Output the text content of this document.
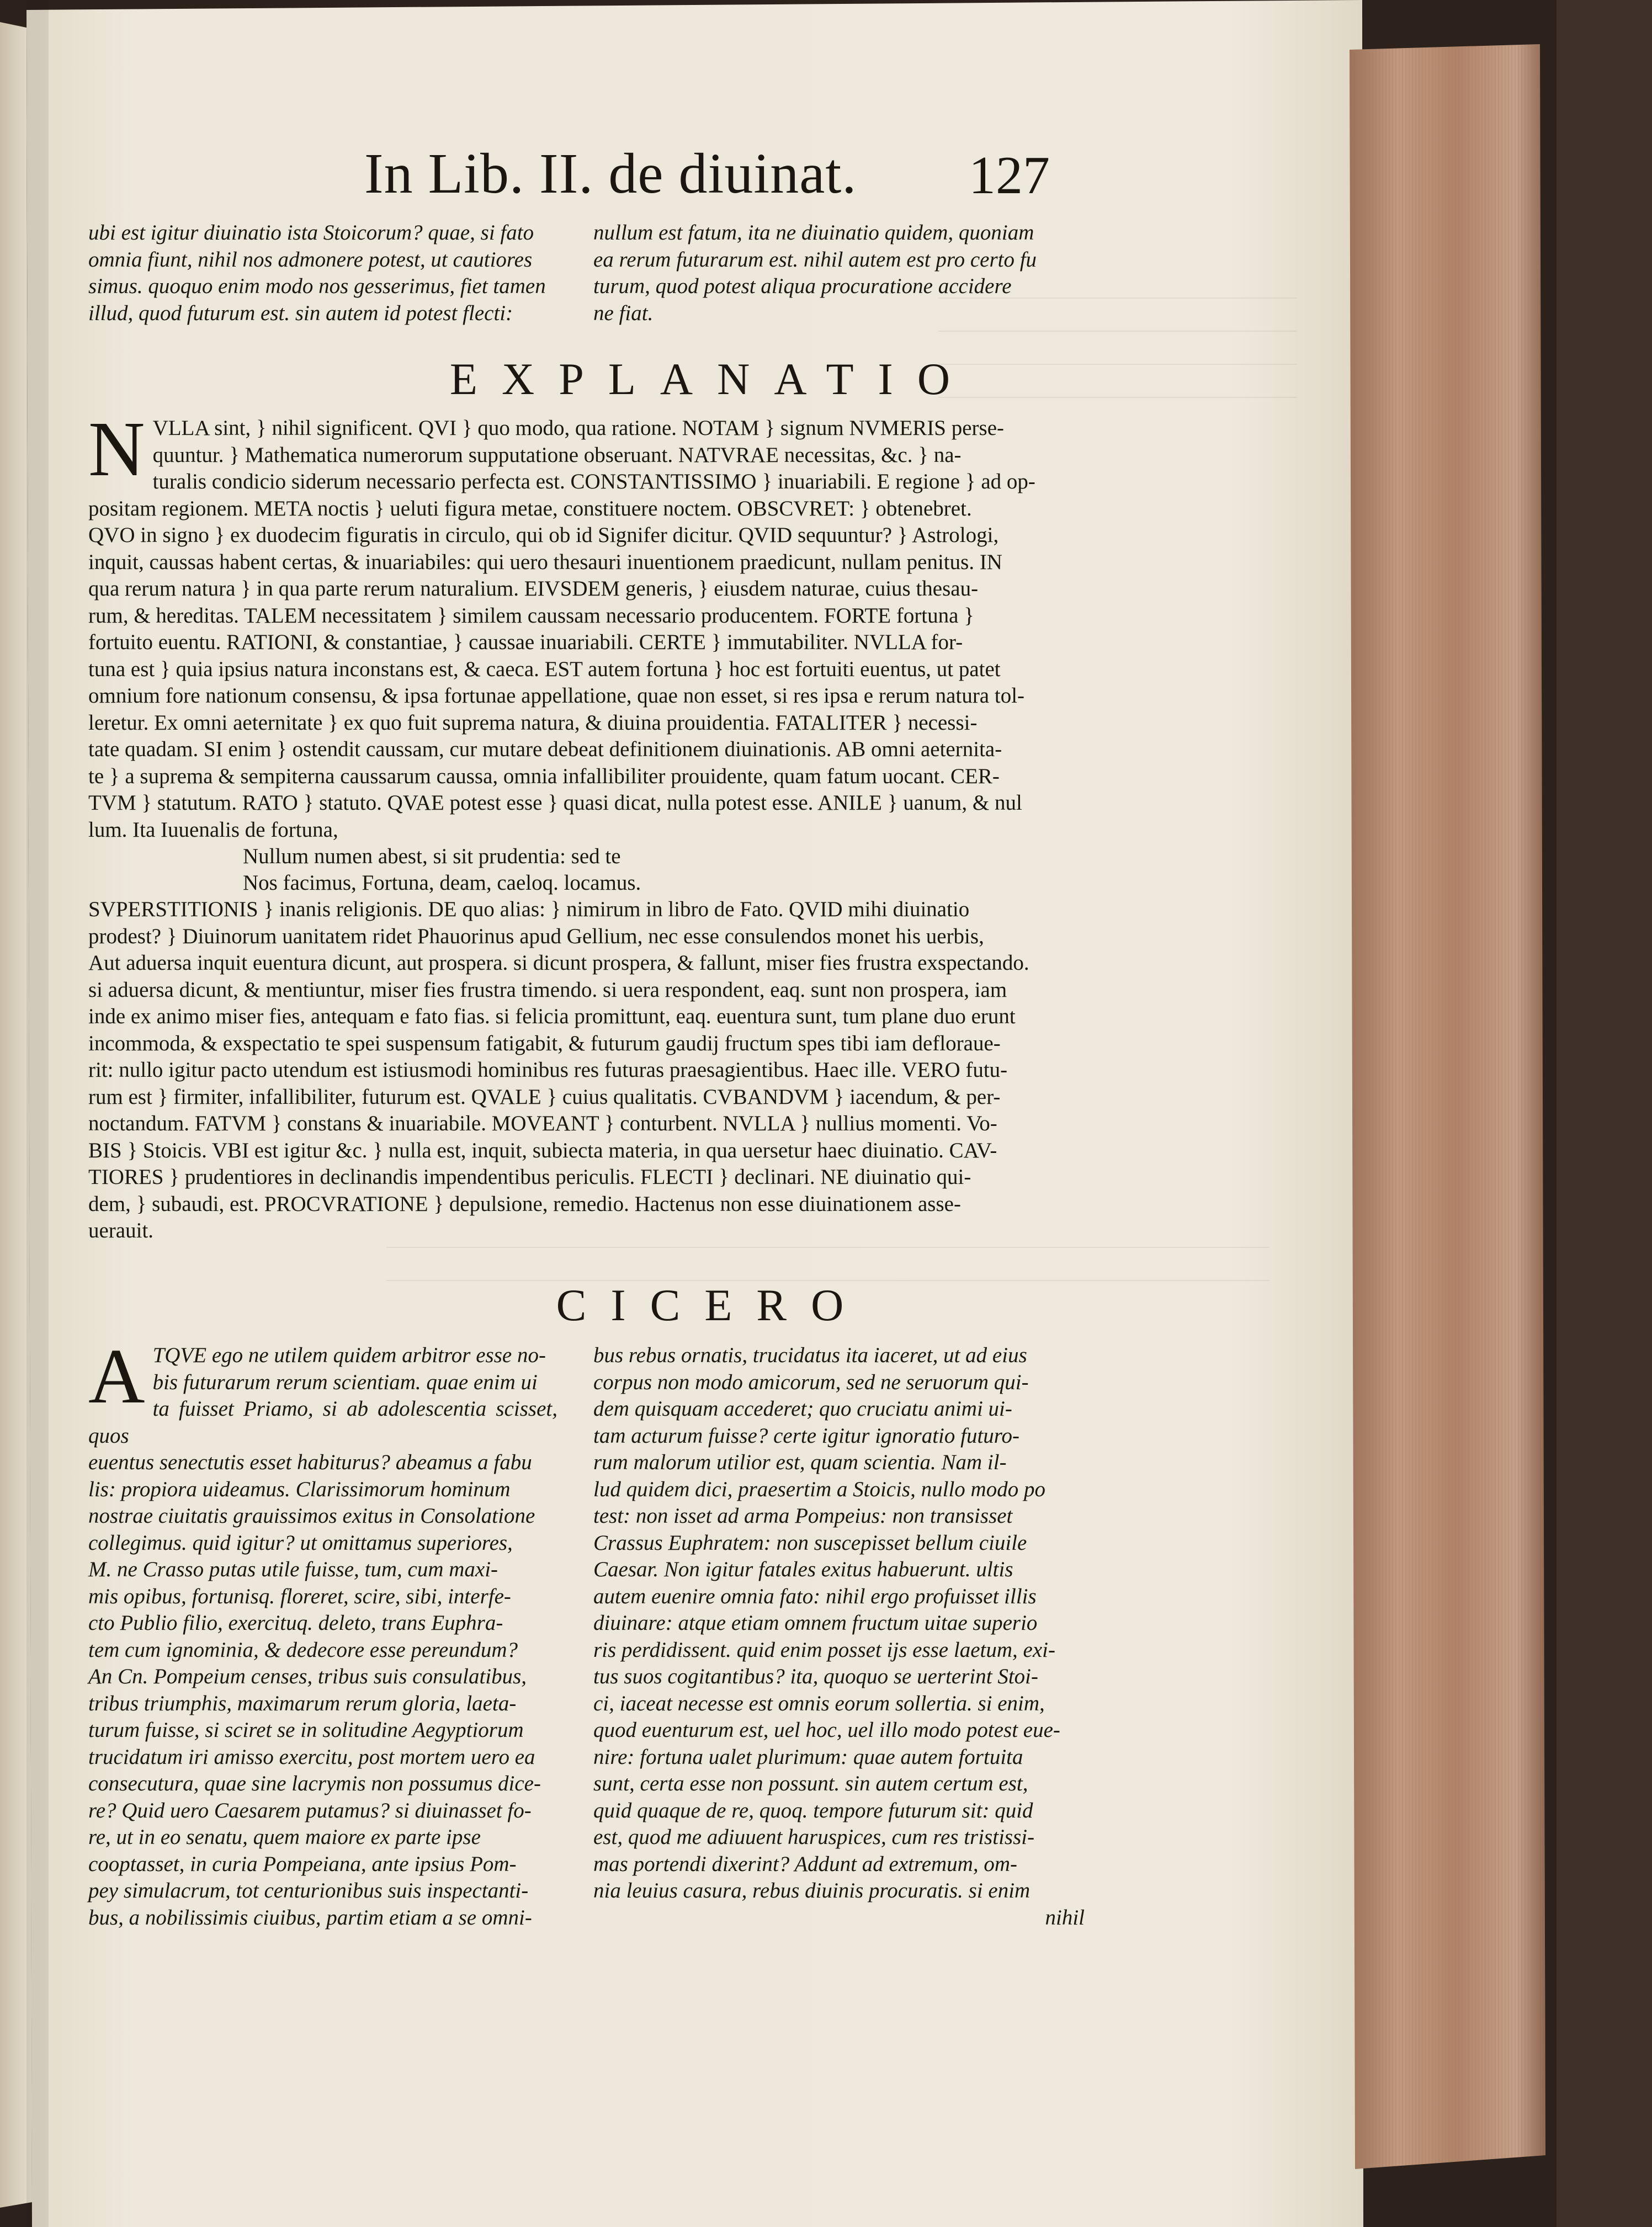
In Lib. II. de diuinat. 127

ubi est igitur diuinatio ista Stoicorum? quae, si fato

omnia fiunt, nihil nos admonere potest, ut cautiores

simus. quoquo enim modo nos gesserimus, fiet tamen

illud, quod futurum est. sin autem id potest flecti:

nullum est fatum, ita ne diuinatio quidem, quoniam

ea rerum futurarum est. nihil autem est pro certo fu

turum, quod potest aliqua procuratione accidere

ne fiat.

EXPLANATIO
N VLLA sint, } nihil significent. QVI } quo modo, qua ratione. NOTAM } signum NVMERIS perse-

quuntur. } Mathematica numerorum supputatione obseruant. NATVRAE necessitas, &c. } na-

turalis condicio siderum necessario perfecta est. CONSTANTISSIMO } inuariabili. E regione } ad op-

positam regionem. META noctis } ueluti figura metae, constituere noctem. OBSCVRET: } obtenebret.

QVO in signo } ex duodecim figuratis in circulo, qui ob id Signifer dicitur. QVID sequuntur? } Astrologi,

inquit, caussas habent certas, & inuariabiles: qui uero thesauri inuentionem praedicunt, nullam penitus. IN

qua rerum natura } in qua parte rerum naturalium. EIVSDEM generis, } eiusdem naturae, cuius thesau-

rum, & hereditas. TALEM necessitatem } similem caussam necessario producentem. FORTE fortuna }

fortuito euentu. RATIONI, & constantiae, } caussae inuariabili. CERTE } immutabiliter. NVLLA for-

tuna est } quia ipsius natura inconstans est, & caeca. EST autem fortuna } hoc est fortuiti euentus, ut patet

omnium fore nationum consensu, & ipsa fortunae appellatione, quae non esset, si res ipsa e rerum natura tol-

leretur. Ex omni aeternitate } ex quo fuit suprema natura, & diuina prouidentia. FATALITER } necessi-

tate quadam. SI enim } ostendit caussam, cur mutare debeat definitionem diuinationis. AB omni aeternita-

te } a suprema & sempiterna caussarum caussa, omnia infallibiliter prouidente, quam fatum uocant. CER-

TVM } statutum. RATO } statuto. QVAE potest esse } quasi dicat, nulla potest esse. ANILE } uanum, & nul

lum. Ita Iuuenalis de fortuna,

Nullum numen abest, si sit prudentia: sed te

Nos facimus, Fortuna, deam, caeloq. locamus.

SVPERSTITIONIS } inanis religionis. DE quo alias: } nimirum in libro de Fato. QVID mihi diuinatio

prodest? } Diuinorum uanitatem ridet Phauorinus apud Gellium, nec esse consulendos monet his uerbis,

Aut aduersa inquit euentura dicunt, aut prospera. si dicunt prospera, & fallunt, miser fies frustra exspectando.

si aduersa dicunt, & mentiuntur, miser fies frustra timendo. si uera respondent, eaq. sunt non prospera, iam

inde ex animo miser fies, antequam e fato fias. si felicia promittunt, eaq. euentura sunt, tum plane duo erunt

incommoda, & exspectatio te spei suspensum fatigabit, & futurum gaudij fructum spes tibi iam defloraue-

rit: nullo igitur pacto utendum est istiusmodi hominibus res futuras praesagientibus. Haec ille. VERO futu-

rum est } firmiter, infallibiliter, futurum est. QVALE } cuius qualitatis. CVBANDVM } iacendum, & per-

noctandum. FATVM } constans & inuariabile. MOVEANT } conturbent. NVLLA } nullius momenti. Vo-

BIS } Stoicis. VBI est igitur &c. } nulla est, inquit, subiecta materia, in qua uersetur haec diuinatio. CAV-

TIORES } prudentiores in declinandis impendentibus periculis. FLECTI } declinari. NE diuinatio qui-

dem, } subaudi, est. PROCVRATIONE } depulsione, remedio. Hactenus non esse diuinationem asse-

uerauit.

CICERO
A TQVE ego ne utilem quidem arbitror esse no-

bis futurarum rerum scientiam. quae enim ui

ta fuisset Priamo, si ab adolescentia scisset, quos

euentus senectutis esset habiturus? abeamus a fabu

lis: propiora uideamus. Clarissimorum hominum

nostrae ciuitatis grauissimos exitus in Consolatione

collegimus. quid igitur? ut omittamus superiores,

M. ne Crasso putas utile fuisse, tum, cum maxi-

mis opibus, fortunisq. floreret, scire, sibi, interfe-

cto Publio filio, exercituq. deleto, trans Euphra-

tem cum ignominia, & dedecore esse pereundum?

An Cn. Pompeium censes, tribus suis consulatibus,

tribus triumphis, maximarum rerum gloria, laeta-

turum fuisse, si sciret se in solitudine Aegyptiorum

trucidatum iri amisso exercitu, post mortem uero ea

consecutura, quae sine lacrymis non possumus dice-

re? Quid uero Caesarem putamus? si diuinasset fo-

re, ut in eo senatu, quem maiore ex parte ipse

cooptasset, in curia Pompeiana, ante ipsius Pom-

pey simulacrum, tot centurionibus suis inspectanti-

bus, a nobilissimis ciuibus, partim etiam a se omni-

bus rebus ornatis, trucidatus ita iaceret, ut ad eius

corpus non modo amicorum, sed ne seruorum qui-

dem quisquam accederet; quo cruciatu animi ui-

tam acturum fuisse? certe igitur ignoratio futuro-

rum malorum utilior est, quam scientia. Nam il-

lud quidem dici, praesertim a Stoicis, nullo modo po

test: non isset ad arma Pompeius: non transisset

Crassus Euphratem: non suscepisset bellum ciuile

Caesar. Non igitur fatales exitus habuerunt. ultis

autem euenire omnia fato: nihil ergo profuisset illis

diuinare: atque etiam omnem fructum uitae superio

ris perdidissent. quid enim posset ijs esse laetum, exi-

tus suos cogitantibus? ita, quoquo se uerterint Stoi-

ci, iaceat necesse est omnis eorum sollertia. si enim,

quod euenturum est, uel hoc, uel illo modo potest eue-

nire: fortuna ualet plurimum: quae autem fortuita

sunt, certa esse non possunt. sin autem certum est,

quid quaque de re, quoq. tempore futurum sit: quid

est, quod me adiuuent haruspices, cum res tristissi-

mas portendi dixerint? Addunt ad extremum, om-

nia leuius casura, rebus diuinis procuratis. si enim

nihil
